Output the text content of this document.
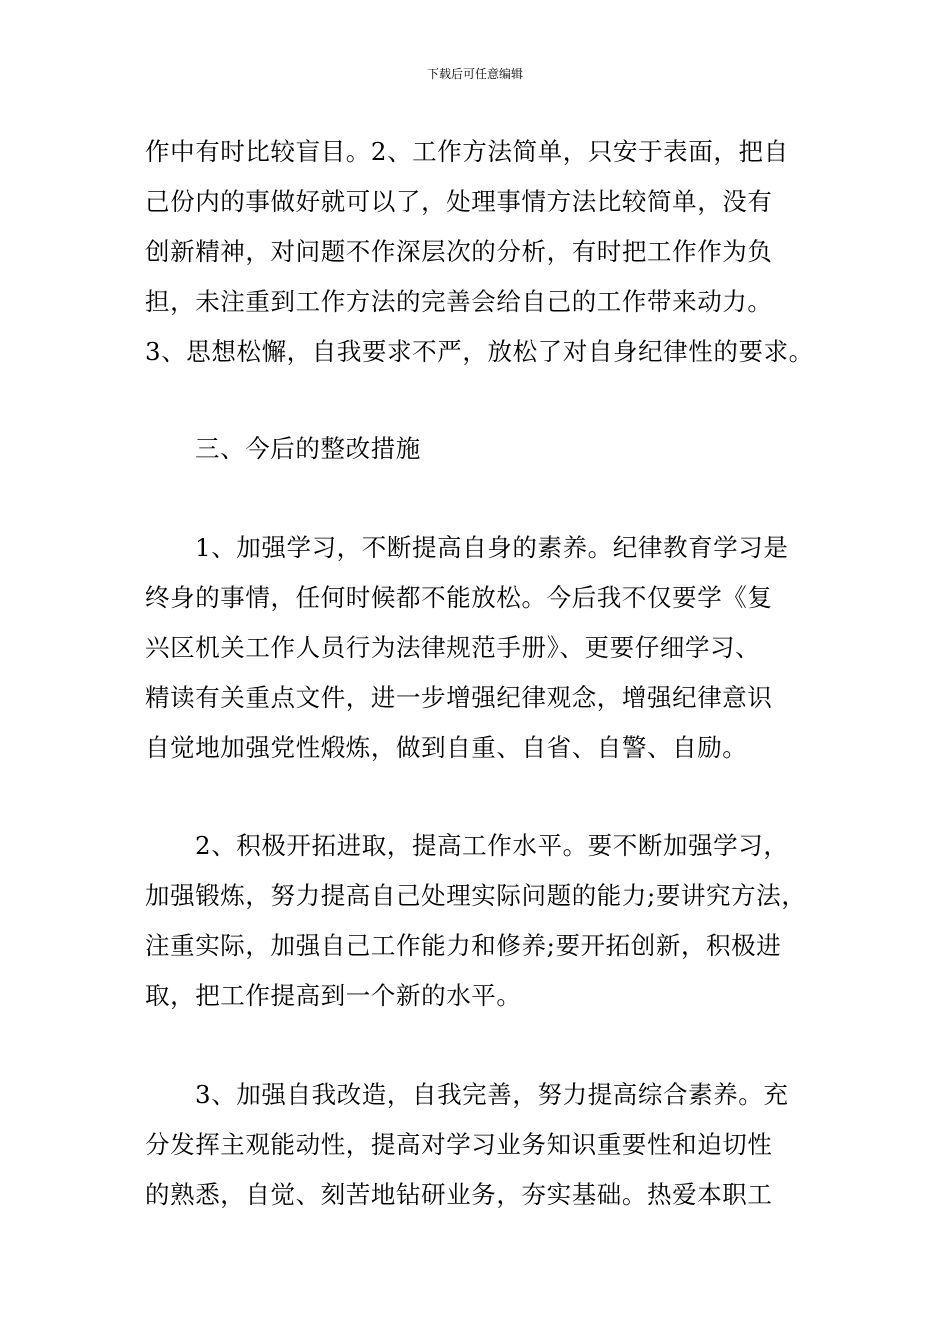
下载后可任意编辑
作中有时比较盲目。2、工作方法简单，只安于表面，把自
己份内的事做好就可以了，处理事情方法比较简单，没有
创新精神，对问题不作深层次的分析，有时把工作作为负
担，未注重到工作方法的完善会给自己的工作带来动力。
3、思想松懈，自我要求不严，放松了对自身纪律性的要求。
三、今后的整改措施
1、加强学习，不断提高自身的素养。纪律教育学习是
终身的事情，任何时候都不能放松。今后我不仅要学《复
兴区机关工作人员行为法律规范手册》、更要仔细学习、
精读有关重点文件，进一步增强纪律观念，增强纪律意识
自觉地加强党性煅炼，做到自重、自省、自警、自励。
2、积极开拓进取，提高工作水平。要不断加强学习，
加强锻炼，努力提高自己处理实际问题的能力;要讲究方法，
注重实际，加强自己工作能力和修养;要开拓创新，积极进
取，把工作提高到一个新的水平。
3、加强自我改造，自我完善，努力提高综合素养。充
分发挥主观能动性，提高对学习业务知识重要性和迫切性
的熟悉，自觉、刻苦地钻研业务，夯实基础。热爱本职工
